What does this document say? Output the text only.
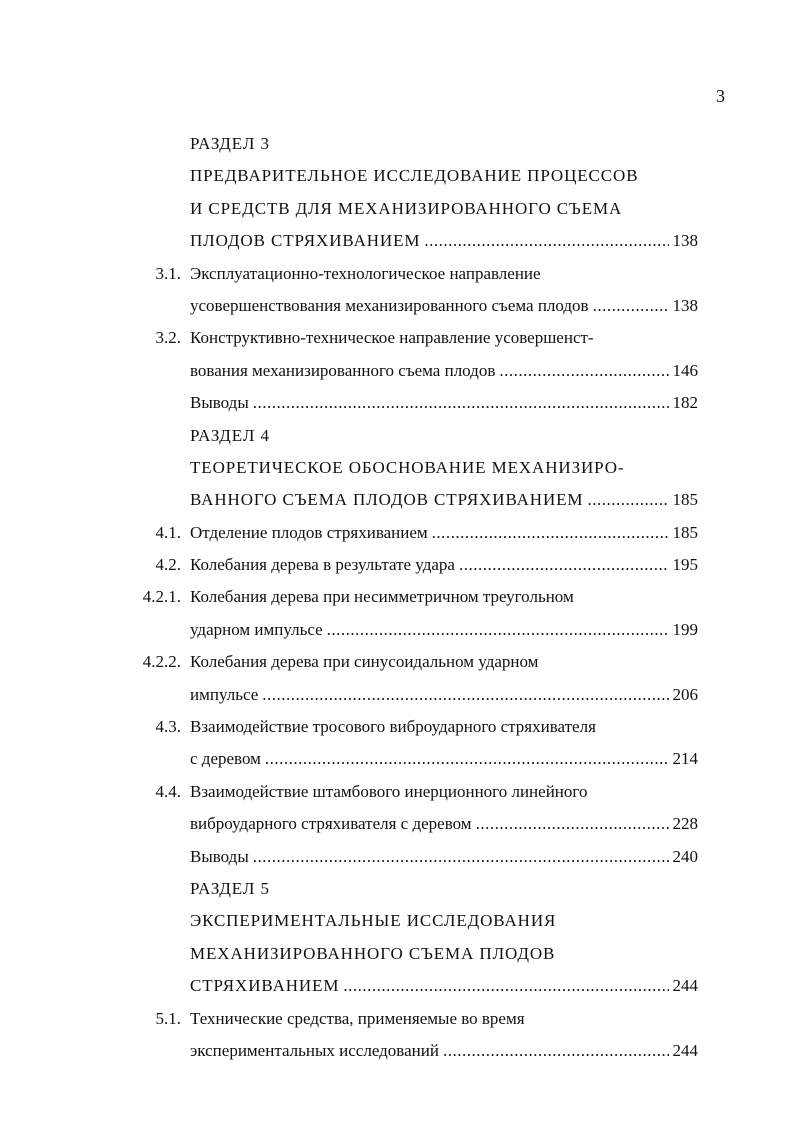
3
РАЗДЕЛ 3
ПРЕДВАРИТЕЛЬНОЕ ИССЛЕДОВАНИЕ ПРОЦЕССОВ
И СРЕДСТВ ДЛЯ МЕХАНИЗИРОВАННОГО СЪЕМА
ПЛОДОВ СТРЯХИВАНИЕМ .....	138
3.1. Эксплуатационно-технологическое направление
усовершенствования механизированного съема плодов .....	138
3.2. Конструктивно-техническое направление усовершенст-
вования механизированного съема плодов .....	146
Выводы .....	182
РАЗДЕЛ 4
ТЕОРЕТИЧЕСКОЕ ОБОСНОВАНИЕ МЕХАНИЗИРО-
ВАННОГО СЪЕМА ПЛОДОВ СТРЯХИВАНИЕМ .....	185
4.1. Отделение плодов стряхиванием .....	185
4.2. Колебания дерева в результате удара .....	195
4.2.1. Колебания дерева при несимметричном треугольном
ударном импульсе .....	199
4.2.2. Колебания дерева при синусоидальном ударном
импульсе .....	206
4.3. Взаимодействие тросового виброударного стряхивателя
с деревом .....	214
4.4. Взаимодействие штамбового инерционного линейного
виброударного стряхивателя с деревом .....	228
Выводы .....	240
РАЗДЕЛ 5
ЭКСПЕРИМЕНТАЛЬНЫЕ ИССЛЕДОВАНИЯ
МЕХАНИЗИРОВАННОГО СЪЕМА ПЛОДОВ
СТРЯХИВАНИЕМ .....	244
5.1. Технические средства, применяемые во время
экспериментальных исследований .....	244
